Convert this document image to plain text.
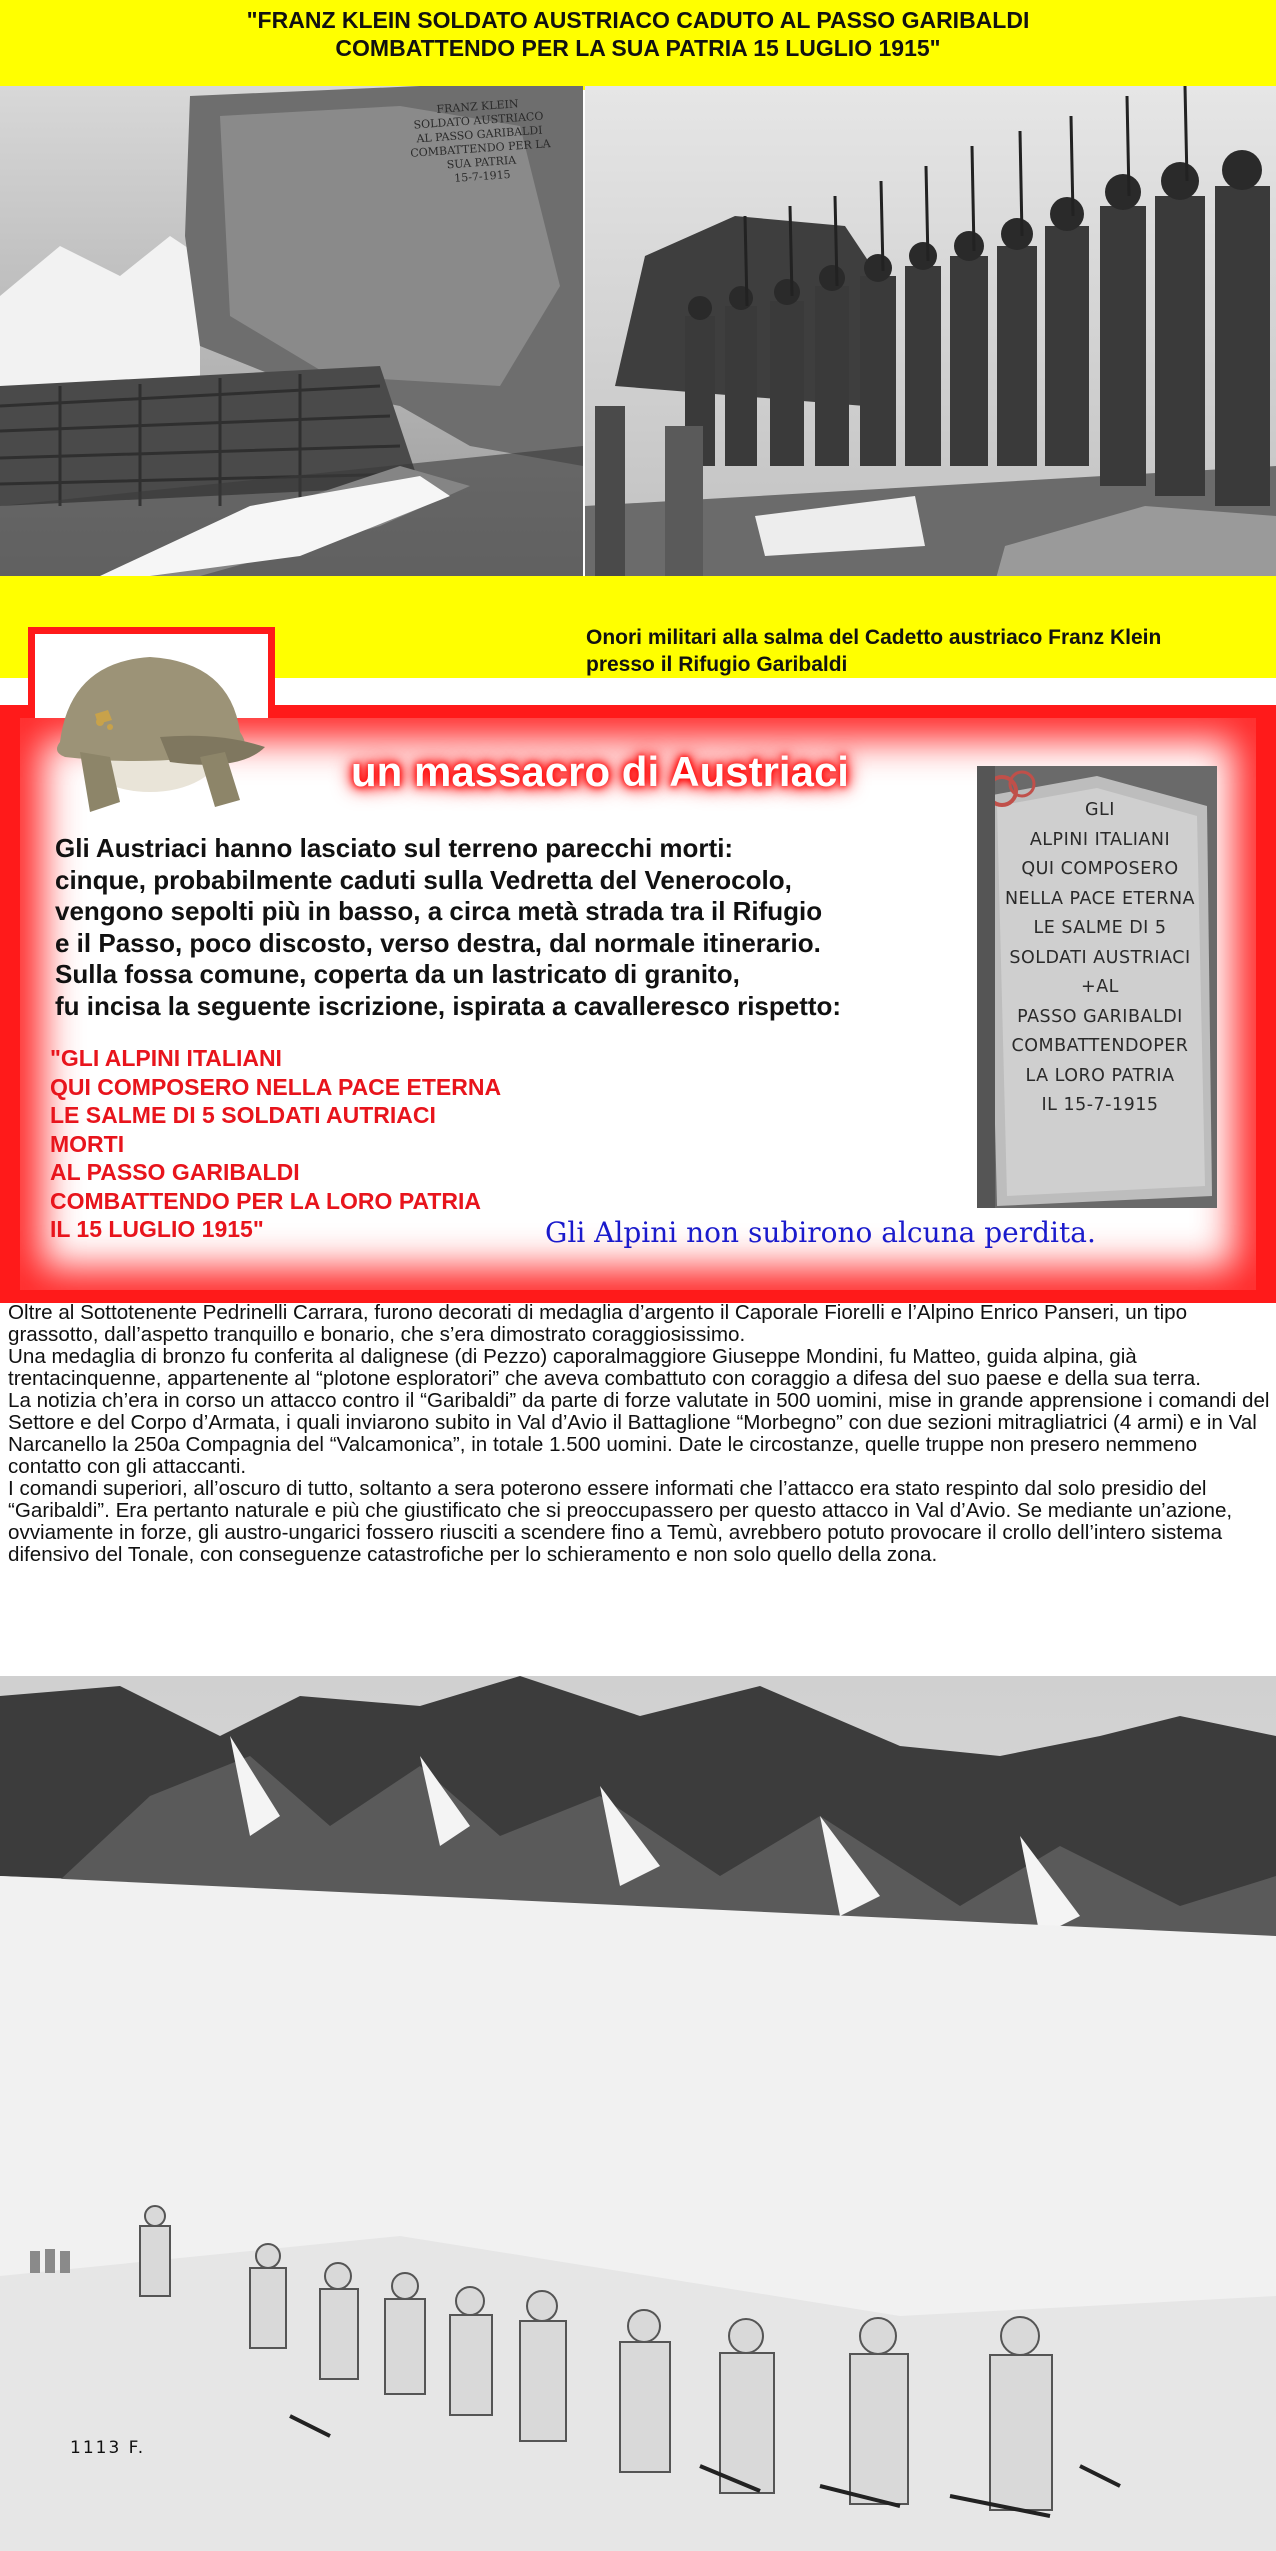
"FRANZ KLEIN SOLDATO AUSTRIACO CADUTO AL PASSO GARIBALDI
COMBATTENDO PER LA SUA PATRIA 15 LUGLIO 1915"
FRANZ KLEIN
SOLDATO AUSTRIACO
AL PASSO GARIBALDI
COMBATTENDO PER LA SUA PATRIA
15-7-1915
Onori militari alla salma del Cadetto austriaco Franz Klein
presso il Rifugio Garibaldi
un massacro di Austriaci
Gli Austriaci hanno lasciato sul terreno parecchi morti:
cinque, probabilmente caduti sulla Vedretta del Venerocolo,
vengono sepolti più in basso, a circa metà strada tra il Rifugio
e il Passo, poco discosto, verso destra, dal normale itinerario.
Sulla fossa comune, coperta da un lastricato di granito,
fu incisa la seguente iscrizione, ispirata a cavalleresco rispetto:
"GLI ALPINI ITALIANI
QUI COMPOSERO NELLA PACE ETERNA
LE SALME DI 5 SOLDATI AUTRIACI
MORTI
AL PASSO GARIBALDI
COMBATTENDO PER LA LORO PATRIA
IL 15 LUGLIO 1915"
GLI
ALPINI ITALIANI
QUI COMPOSERO
NELLA PACE ETERNA
LE SALME DI 5
SOLDATI AUSTRIACI
+AL
PASSO GARIBALDI
COMBATTENDOPER
LA LORO PATRIA
IL 15-7-1915
Gli Alpini non subirono alcuna perdita.

Oltre al Sottotenente Pedrinelli Carrara, furono decorati di medaglia d’argento il Caporale Fiorelli e l’Alpino Enrico Panseri, un tipo grassotto, dall’aspetto tranquillo e bonario, che s’era dimostrato coraggiosissimo.

Una medaglia di bronzo fu conferita al dalignese (di Pezzo) caporalmaggiore Giuseppe Mondini, fu Matteo, guida alpina, già trentacinquenne, appartenente al “plotone esploratori” che aveva combattuto con coraggio a difesa del suo paese e della sua terra.

La notizia ch’era in corso un attacco contro il “Garibaldi” da parte di forze valutate in 500 uomini, mise in grande apprensione i comandi del Settore e del Corpo d’Armata, i quali inviarono subito in Val d’Avio il Battaglione “Morbegno” con due sezioni mitragliatrici (4 armi) e in Val Narcanello la 250a Compagnia del “Valcamonica”, in totale 1.500 uomini. Date le circostanze, quelle truppe non presero nemmeno contatto con gli attaccanti.

I comandi superiori, all’oscuro di tutto, soltanto a sera poterono essere informati che l’attacco era stato respinto dal solo presidio del “Garibaldi”. Era pertanto naturale e più che giustificato che si preoccupassero per questo attacco in Val d’Avio. Se mediante un’azione, ovviamente in forze, gli austro-ungarici fossero riusciti a scendere fino a Temù, avrebbero potuto provocare il crollo dell’intero sistema difensivo del Tonale, con conseguenze catastrofiche per lo schieramento e non solo quello della zona.

1113 F.
